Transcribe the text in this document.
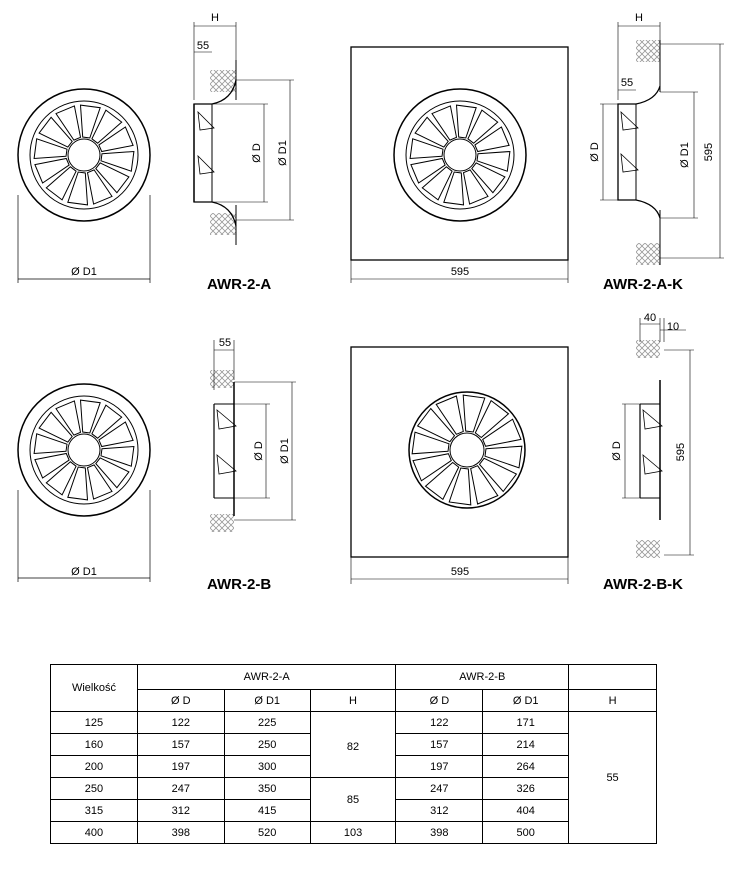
Ø D1
H
55
Ø D Ø D1
595
H
55
Ø D	Ø D1 595
Ø D1
55
Ø D Ø D1
595
40
10
Ø D	595
AWR-2-A	AWR-2-A-K
AWR-2-B	AWR-2-B-K
Wielkość	AWR-2-A			AWR-2-B		
	Ø D	Ø D1	H	Ø D	Ø D1	H
125	122	225		122	171	55
160	157	250	82	157	214	
200	197	300		197	264	
250	247	350	85	247	326	
315	312	415		312	404	
400	398	520	103	398	500	
